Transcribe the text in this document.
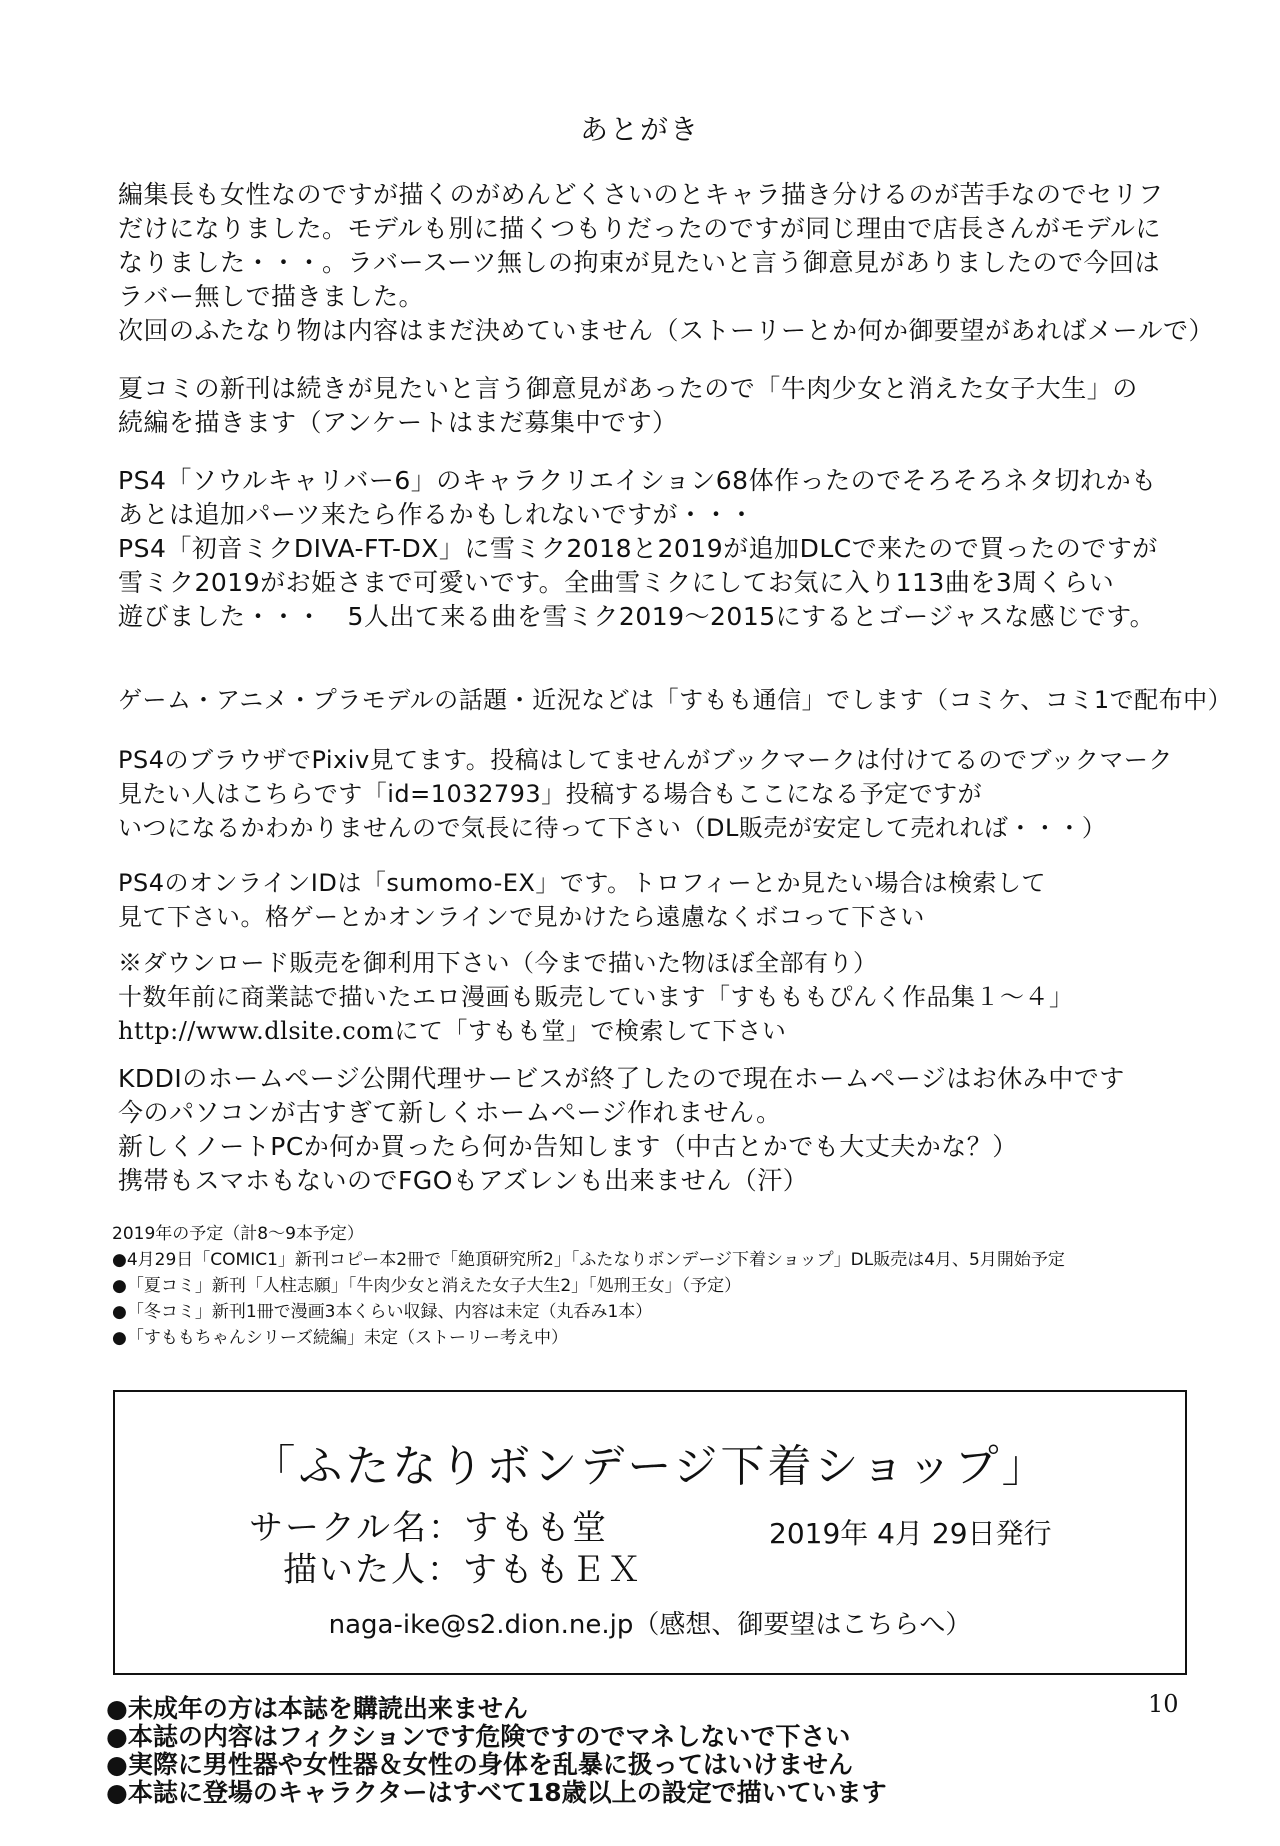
あとがき
編集長も女性なのですが描くのがめんどくさいのとキャラ描き分けるのが苦手なのでセリフ
だけになりました。モデルも別に描くつもりだったのですが同じ理由で店長さんがモデルに
なりました・・・。ラバースーツ無しの拘束が見たいと言う御意見がありましたので今回は
ラバー無しで描きました。
次回のふたなり物は内容はまだ決めていません（ストーリーとか何か御要望があればメールで）
夏コミの新刊は続きが見たいと言う御意見があったので「牛肉少女と消えた女子大生」の
続編を描きます（アンケートはまだ募集中です）
PS4「ソウルキャリバー6」のキャラクリエイション68体作ったのでそろそろネタ切れかも
あとは追加パーツ来たら作るかもしれないですが・・・
PS4「初音ミクDIVA-FT-DX」に雪ミク2018と2019が追加DLCで来たので買ったのですが
雪ミク2019がお姫さまで可愛いです。全曲雪ミクにしてお気に入り113曲を3周くらい
遊びました・・・　5人出て来る曲を雪ミク2019〜2015にするとゴージャスな感じです。
ゲーム・アニメ・プラモデルの話題・近況などは「すもも通信」でします（コミケ、コミ1で配布中）
PS4のブラウザでPixiv見てます。投稿はしてませんがブックマークは付けてるのでブックマーク
見たい人はこちらです「id=1032793」投稿する場合もここになる予定ですが
いつになるかわかりませんので気長に待って下さい（DL販売が安定して売れれば・・・）
PS4のオンラインIDは「sumomo-EX」です。トロフィーとか見たい場合は検索して
見て下さい。格ゲーとかオンラインで見かけたら遠慮なくボコって下さい
※ダウンロード販売を御利用下さい（今まで描いた物ほぼ全部有り）
十数年前に商業誌で描いたエロ漫画も販売しています「すもももぴんく作品集１〜４」
http://www.dlsite.comにて「すもも堂」で検索して下さい
KDDIのホームページ公開代理サービスが終了したので現在ホームページはお休み中です
今のパソコンが古すぎて新しくホームページ作れません。
新しくノートPCか何か買ったら何か告知します（中古とかでも大丈夫かな？）
携帯もスマホもないのでFGOもアズレンも出来ません（汗）
2019年の予定（計8〜9本予定）
●4月29日「COMIC1」新刊コピー本2冊で「絶頂研究所2」「ふたなりボンデージ下着ショップ」DL販売は4月、5月開始予定
●「夏コミ」新刊「人柱志願」「牛肉少女と消えた女子大生2」「処刑王女」（予定）
●「冬コミ」新刊1冊で漫画3本くらい収録、内容は未定（丸呑み1本）
●「すももちゃんシリーズ続編」未定（ストーリー考え中）
「ふたなりボンデージ下着ショップ」
サークル名：すもも堂
描いた人：すももＥＸ
2019年 4月 29日発行
naga-ike@s2.dion.ne.jp（感想、御要望はこちらへ）
10
●未成年の方は本誌を購読出来ません
●本誌の内容はフィクションです危険ですのでマネしないで下さい
●実際に男性器や女性器＆女性の身体を乱暴に扱ってはいけません
●本誌に登場のキャラクターはすべて18歳以上の設定で描いています
